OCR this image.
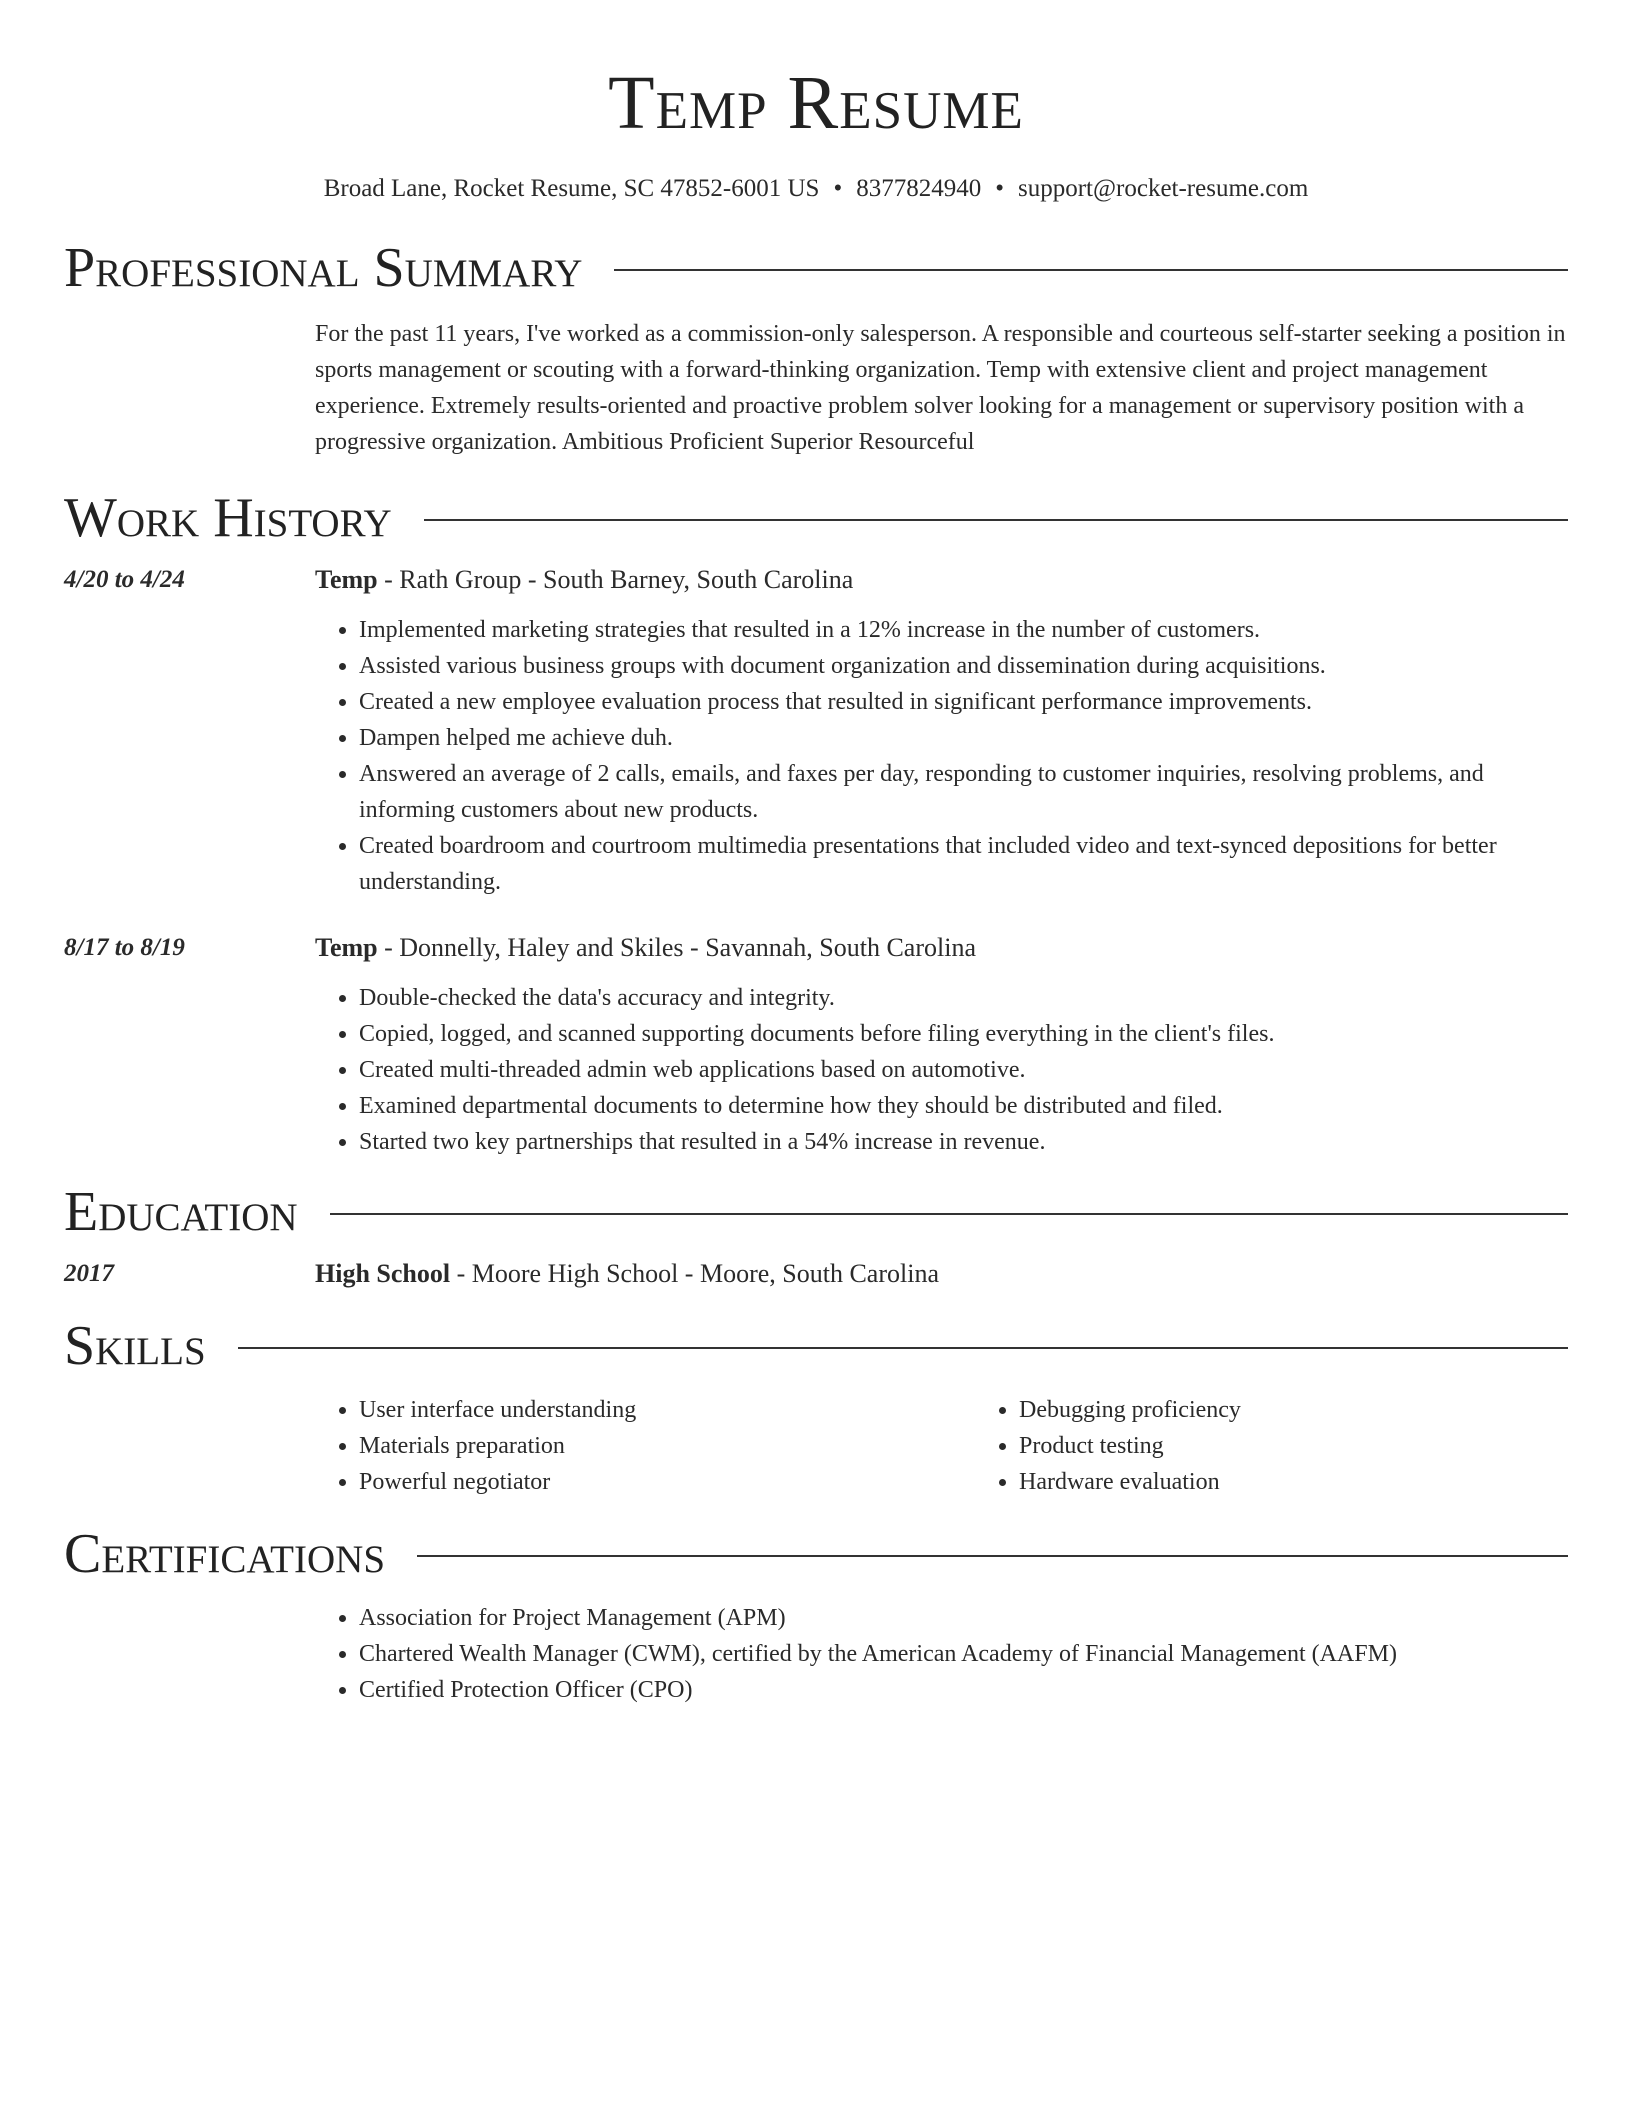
Temp Resume
Broad Lane, Rocket Resume, SC 47852-6001 US • 8377824940 • support@rocket-resume.com
Professional Summary
For the past 11 years, I've worked as a commission-only salesperson. A responsible and courteous self-starter seeking a position in sports management or scouting with a forward-thinking organization. Temp with extensive client and project management experience. Extremely results-oriented and proactive problem solver looking for a management or supervisory position with a progressive organization. Ambitious Proficient Superior Resourceful
Work History
4/20 to 4/24	Temp - Rath Group - South Barney, South Carolina
• Implemented marketing strategies that resulted in a 12% increase in the number of customers.
• Assisted various business groups with document organization and dissemination during acquisitions.
• Created a new employee evaluation process that resulted in significant performance improvements.
• Dampen helped me achieve duh.
• Answered an average of 2 calls, emails, and faxes per day, responding to customer inquiries, resolving problems, and informing customers about new products.
• Created boardroom and courtroom multimedia presentations that included video and text-synced depositions for better understanding.
8/17 to 8/19	Temp - Donnelly, Haley and Skiles - Savannah, South Carolina
• Double-checked the data's accuracy and integrity.
• Copied, logged, and scanned supporting documents before filing everything in the client's files.
• Created multi-threaded admin web applications based on automotive.
• Examined departmental documents to determine how they should be distributed and filed.
• Started two key partnerships that resulted in a 54% increase in revenue.
Education
2017	High School - Moore High School - Moore, South Carolina
Skills
• User interface understanding
• Materials preparation
• Powerful negotiator
• Debugging proficiency
• Product testing
• Hardware evaluation
Certifications
• Association for Project Management (APM)
• Chartered Wealth Manager (CWM), certified by the American Academy of Financial Management (AAFM)
• Certified Protection Officer (CPO)
